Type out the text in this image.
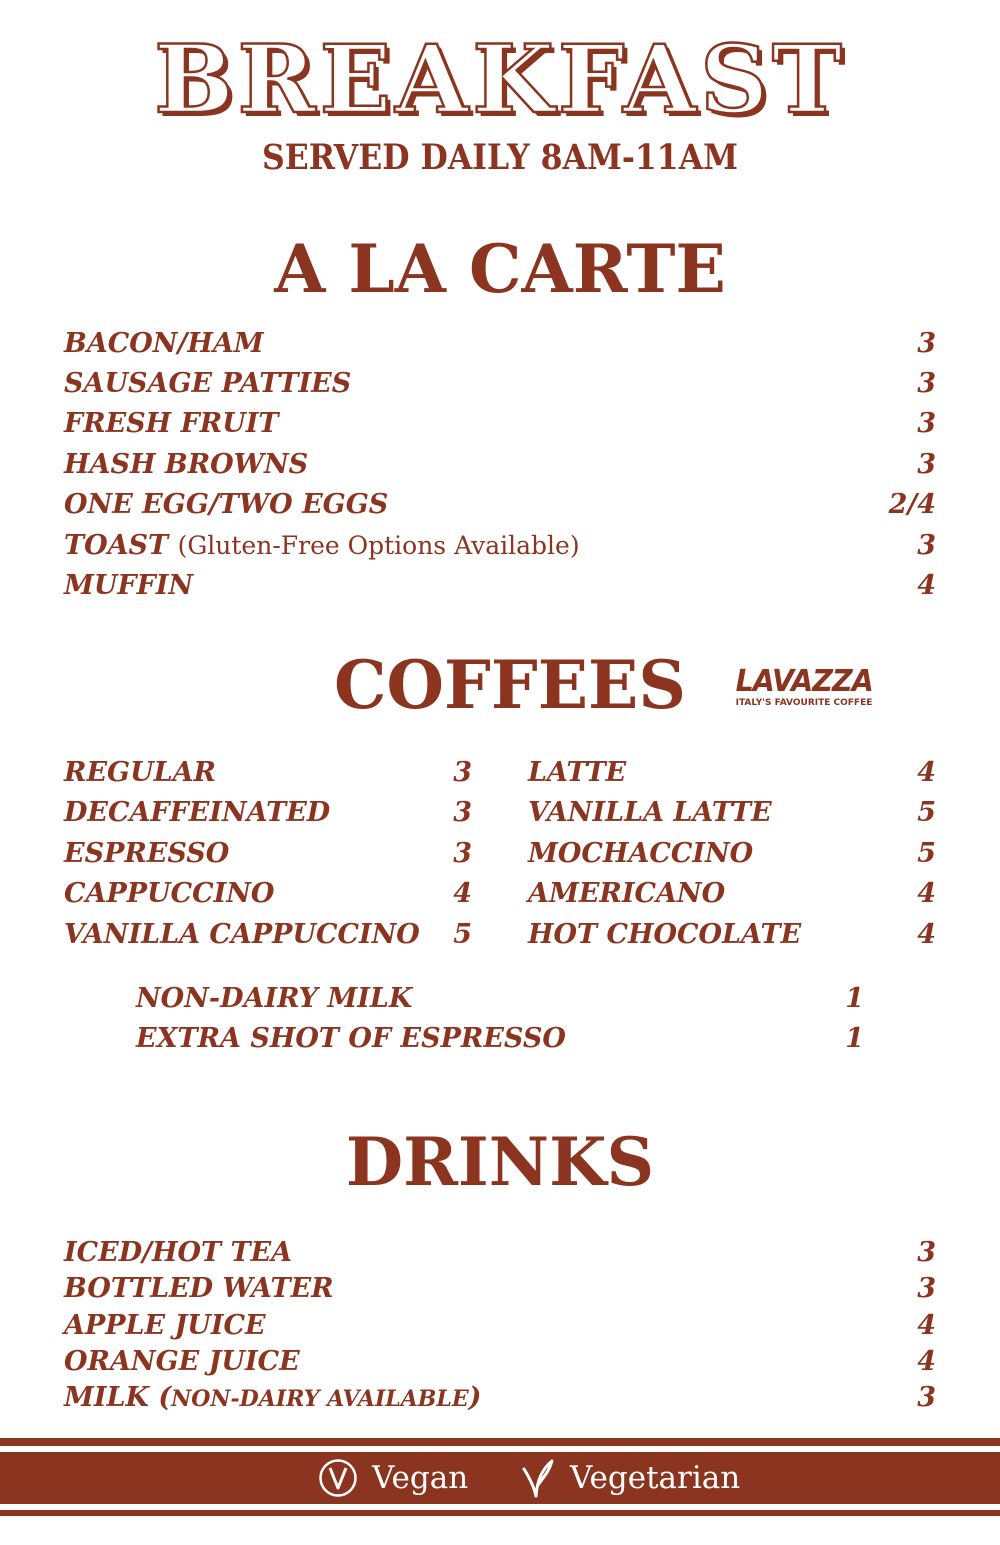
BREAKFAST
SERVED DAILY 8AM-11AM
A LA CARTE
BACON/HAM	3
SAUSAGE PATTIES	3
FRESH FRUIT	3
HASH BROWNS	3
ONE EGG/TWO EGGS	2/4
TOAST (Gluten-Free Options Available)	3
MUFFIN	4
COFFEES LAVAZZA
ITALY'S FAVOURITE COFFEE
REGULAR	3
DECAFFEINATED	3
ESPRESSO	3
CAPPUCCINO	4
VANILLA CAPPUCCINO 5
LATTE	4
VANILLA LATTE	5
MOCHACCINO	5
AMERICANO	4
HOT CHOCOLATE	4
NON-DAIRY MILK	1
EXTRA SHOT OF ESPRESSO	1
DRINKS
ICED/HOT TEA	3
BOTTLED WATER	3
APPLE JUICE	4
ORANGE JUICE	4
MILK (NON-DAIRY AVAILABLE)	3
Vegan	Vegetarian
